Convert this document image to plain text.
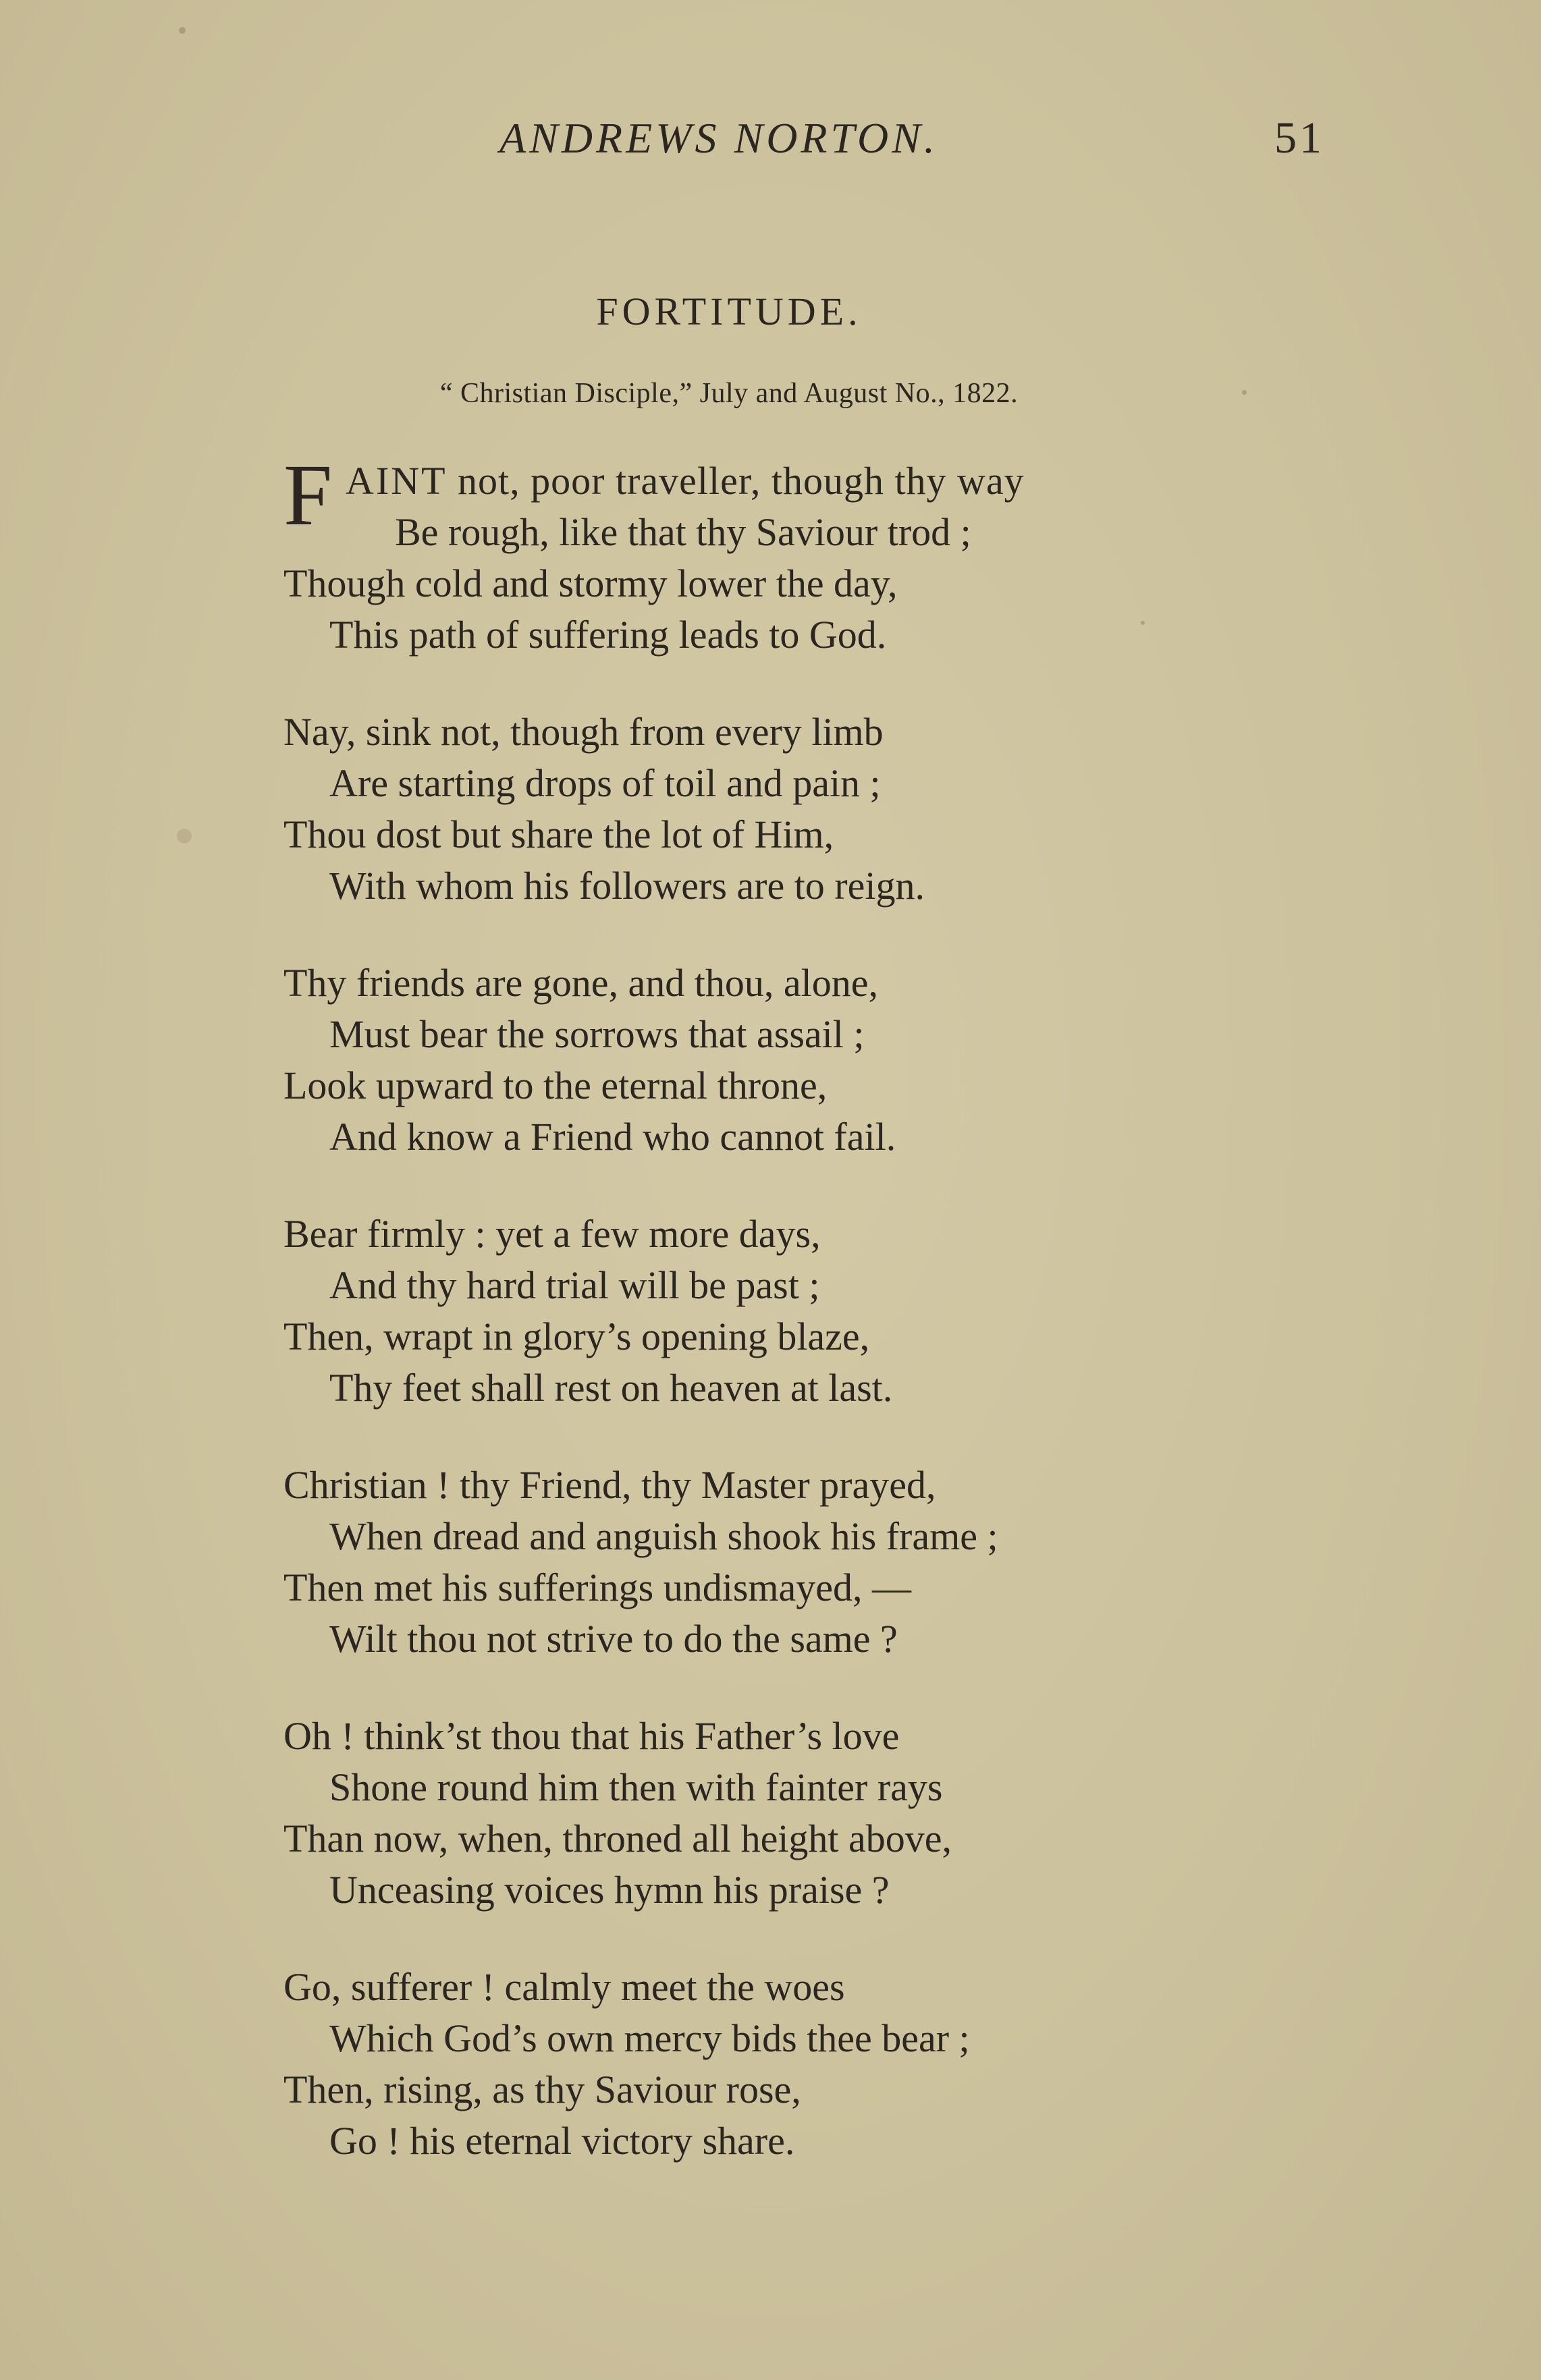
ANDREWS NORTON.	51
FORTITUDE.
“ Christian Disciple,” July and August No., 1822.
F AINT not, poor traveller, though thy way
Be rough, like that thy Saviour trod ;
Though cold and stormy lower the day,
This path of suffering leads to God.
Nay, sink not, though from every limb
Are starting drops of toil and pain ;
Thou dost but share the lot of Him,
With whom his followers are to reign.
Thy friends are gone, and thou, alone,
Must bear the sorrows that assail ;
Look upward to the eternal throne,
And know a Friend who cannot fail.
Bear firmly : yet a few more days,
And thy hard trial will be past ;
Then, wrapt in glory’s opening blaze,
Thy feet shall rest on heaven at last.
Christian ! thy Friend, thy Master prayed,
When dread and anguish shook his frame ;
Then met his sufferings undismayed, —
Wilt thou not strive to do the same ?
Oh ! think’st thou that his Father’s love
Shone round him then with fainter rays
Than now, when, throned all height above,
Unceasing voices hymn his praise ?
Go, sufferer ! calmly meet the woes
Which God’s own mercy bids thee bear ;
Then, rising, as thy Saviour rose,
Go ! his eternal victory share.
